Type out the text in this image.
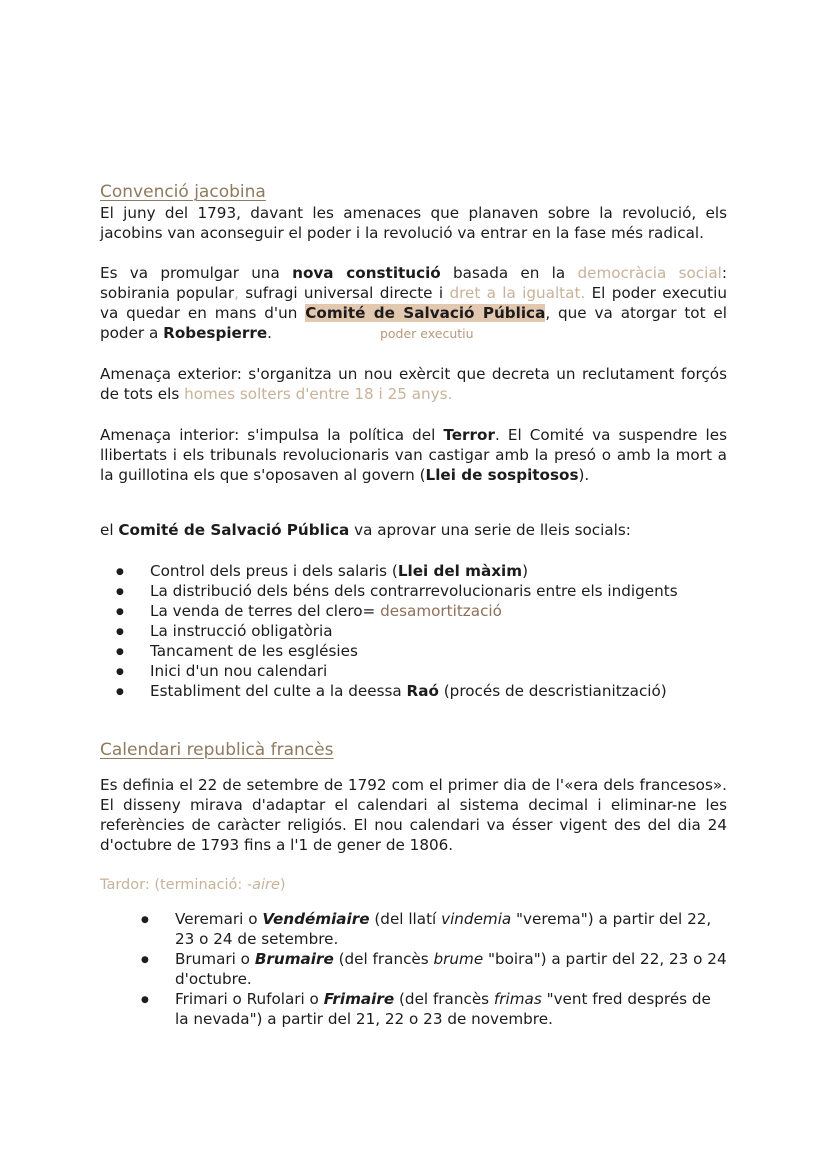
Convenció jacobina

El juny del 1793, davant les amenaces que planaven sobre la revolució, els jacobins van aconseguir el poder i la revolució va entrar en la fase més radical.

Es va promulgar una nova constitució basada en la democràcia social: sobirania popular, sufragi universal directe i dret a la igualtat. El poder executiu va quedar en mans d'un Comité de Salvació Pública, que va atorgar tot el poder a Robespierre.	poder executiu

Amenaça exterior: s'organitza un nou exèrcit que decreta un reclutament forçós de tots els homes solters d'entre 18 i 25 anys.

Amenaça interior: s'impulsa la política del Terror. El Comité va suspendre les llibertats i els tribunals revolucionaris van castigar amb la presó o amb la mort a la guillotina els que s'oposaven al govern (Llei de sospitosos).

el Comité de Salvació Pública va aprovar una serie de lleis socials:

● Control dels preus i dels salaris (Llei del màxim)
● La distribució dels béns dels contrarrevolucionaris entre els indigents
● La venda de terres del clero= desamortització
● La instrucció obligatòria
● Tancament de les esglésies
● Inici d'un nou calendari
● Establiment del culte a la deessa Raó (procés de descristianització)
Calendari republicà francès

Es definia el 22 de setembre de 1792 com el primer dia de l'«era dels francesos». El disseny mirava d'adaptar el calendari al sistema decimal i eliminar-ne les referències de caràcter religiós. El nou calendari va ésser vigent des del dia 24 d'octubre de 1793 fins a l'1 de gener de 1806.

Tardor: (terminació: -aire)

● Veremari o Vendémiaire (del llatí vindemia "verema") a partir del 22, 23 o 24 de setembre.
● Brumari o Brumaire (del francès brume "boira") a partir del 22, 23 o 24 d'octubre.
● Frimari o Rufolari o Frimaire (del francès frimas "vent fred després de la nevada") a partir del 21, 22 o 23 de novembre.
